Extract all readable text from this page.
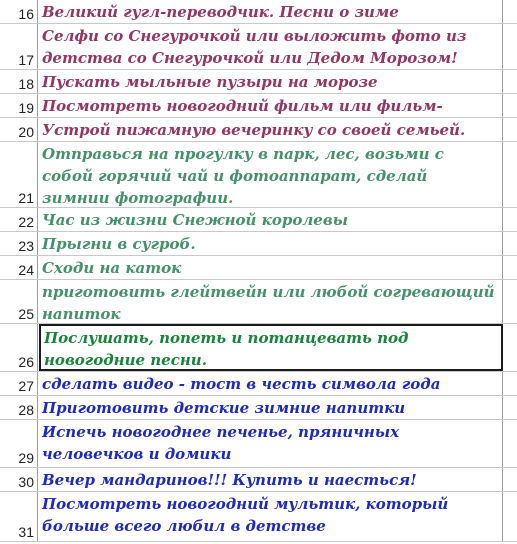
16 Великий гугл-переводчик. Песни о зиме
17
Селфи со Снегурочкой или выложить фото из детства со Снегурочкой или Дедом Морозом!
18 Пускать мыльные пузыри на морозе
19 Посмотреть новогодний фильм или фильм-
20 Устрой пижамную вечеринку со своей семьей.
21
Отправься на прогулку в парк, лес, возьми с собой горячий чай и фотоаппарат, сделай зимнии фотографии.
22 Час из жизни Снежной королевы
23 Прыгни в сугроб.
24 Сходи на каток
25
приготовить глейтвейн или любой согревающий напиток
26
Послушать, попеть и потанцевать под новогодние песни.
27 сделать видео - тост в честь символа года
28 Приготовить детские зимние напитки
29
Испечь новогоднее печенье, пряничных человечков и домики
30 Вечер мандаринов!!! Купить и наесться!
31
Посмотреть новогодний мультик, который больше всего любил в детстве
